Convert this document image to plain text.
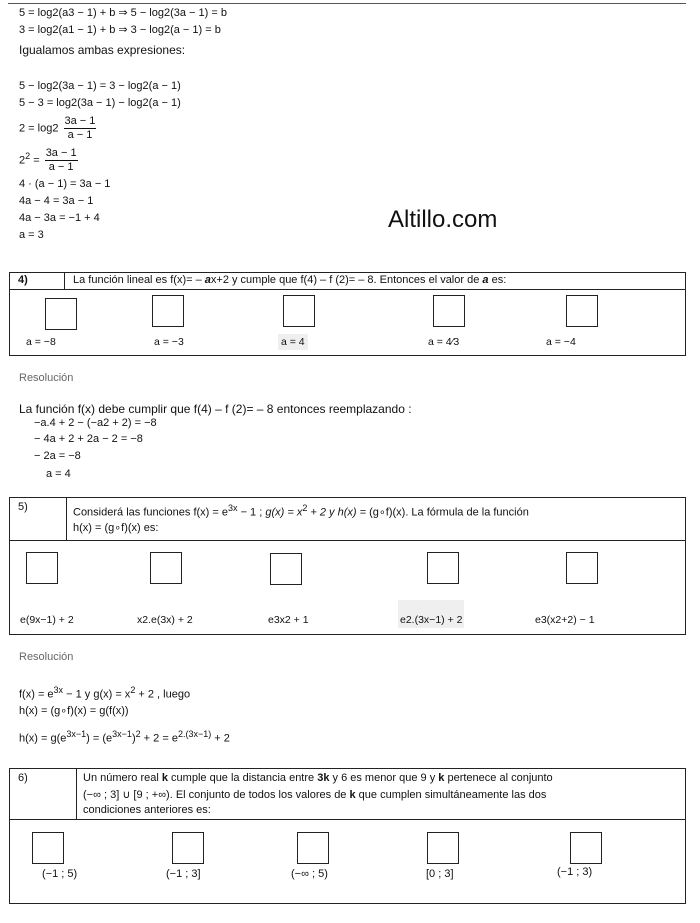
5 = log2(a3 − 1) + b ⇒ 5 − log2(3a − 1) = b
3 = log2(a1 − 1) + b ⇒ 3 − log2(a − 1) = b
Igualamos ambas expresiones:
5 − log2(3a − 1) = 3 − log2(a − 1)
5 − 3 = log2(3a − 1) − log2(a − 1)
$2 = \log 2 \frac{3a - 1}{a - 1}$
$2^2 = \frac{3a - 1}{a - 1}$
4 · (a − 1) = 3a − 1
4a − 4 = 3a − 1
4a − 3a = −1 + 4
a = 3
Altillo.com
4)	La función lineal es f(x)= – ax+2 y cumple que f(4) – f (2)= – 8. Entonces el valor de a es:
a = −8	a = −3	a = 4	a = 4⁄3	a = −4
Resolución
La función f(x) debe cumplir que f(4) – f (2)= – 8 entonces reemplazando :
−a.4 + 2 − (−a2 + 2) = −8
− 4a + 2 + 2a − 2 = −8
− 2a = −8
a = 4
5)	Considerá las funciones $f(x) = e^{3x} - 1$ ; $g(x) = x^2 + 2$ y h(x) = (g∘f)(x). La fórmula de la función
h(x) = (g∘f)(x) es:
e(9x−1) + 2	x2.e(3x) + 2	e3x2 + 1	e2.(3x−1) + 2	e3(x2+2) − 1
Resolución
$f(x) = e^{3x} - 1$ y $g(x) = x^2 + 2$ , luego
h(x) = (g∘f)(x) = g(f(x))
$h(x) = g(e^{3x-1}) = (e^{3x-1})^2 + 2 = e^{2.(3x-1)} + 2$
6)	Un número real k cumple que la distancia entre 3k y 6 es menor que 9 y k pertenece al conjunto
(−∞ ; 3] ∪ [9 ; +∞). El conjunto de todos los valores de k que cumplen simultáneamente las dos
condiciones anteriores es:
(−1 ; 5)	(−1 ; 3]	(−∞ ; 5)	[0 ; 3]	(−1 ; 3)
